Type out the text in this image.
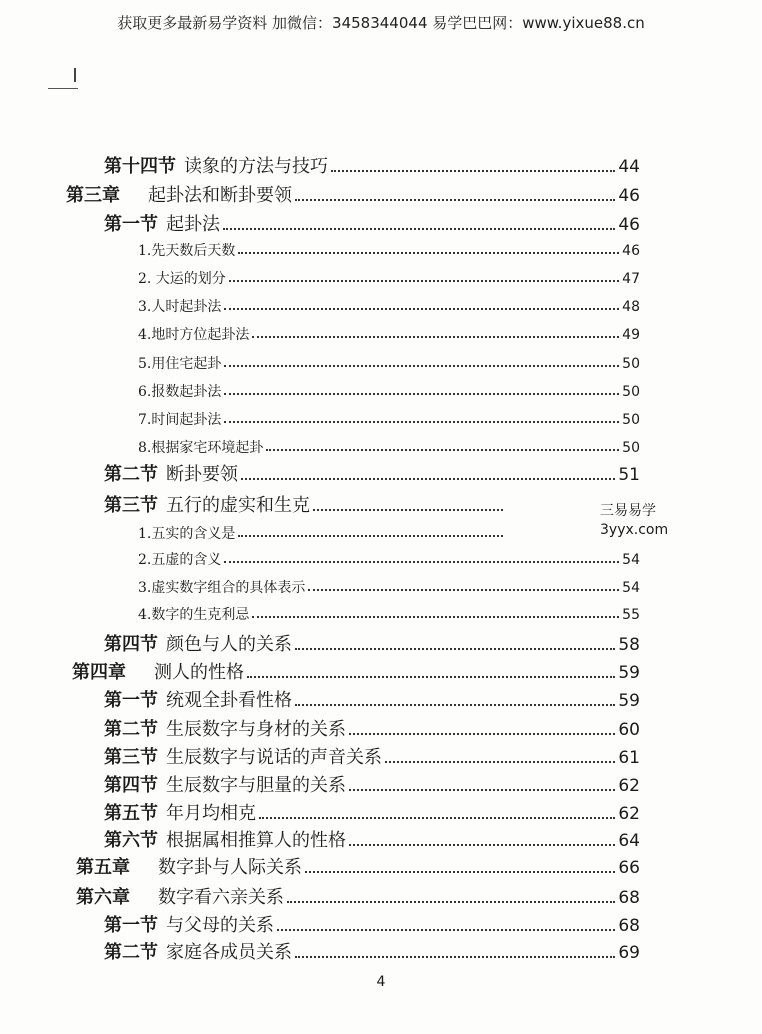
获取更多最新易学资料 加微信：3458344044 易学巴巴网：www.yixue88.cn
第十四节 读象的方法与技巧	44
第三章 起卦法和断卦要领	46
第一节 起卦法	46
1.先天数后天数	46
2. 大运的划分	47
3.人时起卦法	48
4.地时方位起卦法	49
5.用住宅起卦	50
6.报数起卦法	50
7.时间起卦法	50
8.根据家宅环境起卦	50
第二节 断卦要领	51
第三节 五行的虚实和生克
1.五实的含义是
2.五虚的含义	54
3.虚实数字组合的具体表示	54
4.数字的生克利忌	55
第四节 颜色与人的关系	58
第四章 测人的性格	59
第一节 统观全卦看性格	59
第二节 生辰数字与身材的关系	60
第三节 生辰数字与说话的声音关系	61
第四节 生辰数字与胆量的关系	62
第五节 年月均相克	62
第六节 根据属相推算人的性格	64
第五章 数字卦与人际关系	66
第六章 数字看六亲关系	68
第一节 与父母的关系	68
第二节 家庭各成员关系	69
三易易学
3yyx.com
4
